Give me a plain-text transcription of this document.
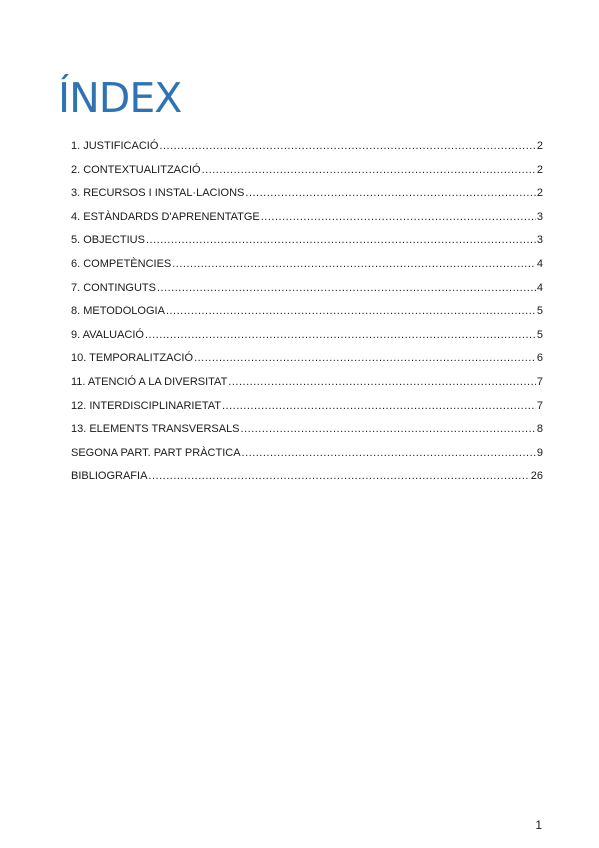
ÍNDEX
1. JUSTIFICACIÓ .....	2
2. CONTEXTUALITZACIÓ .....	2
3. RECURSOS I INSTAL·LACIONS .....	2
4. ESTÀNDARDS D'APRENENTATGE .....	3
5. OBJECTIUS .....	3
6. COMPETÈNCIES .....	4
7. CONTINGUTS .....	4
8. METODOLOGIA .....	5
9. AVALUACIÓ .....	5
10. TEMPORALITZACIÓ .....	6
11. ATENCIÓ A LA DIVERSITAT .....	7
12. INTERDISCIPLINARIETAT .....	7
13. ELEMENTS TRANSVERSALS .....	8
SEGONA PART. PART PRÀCTICA .....	9
BIBLIOGRAFIA .....	26
1
